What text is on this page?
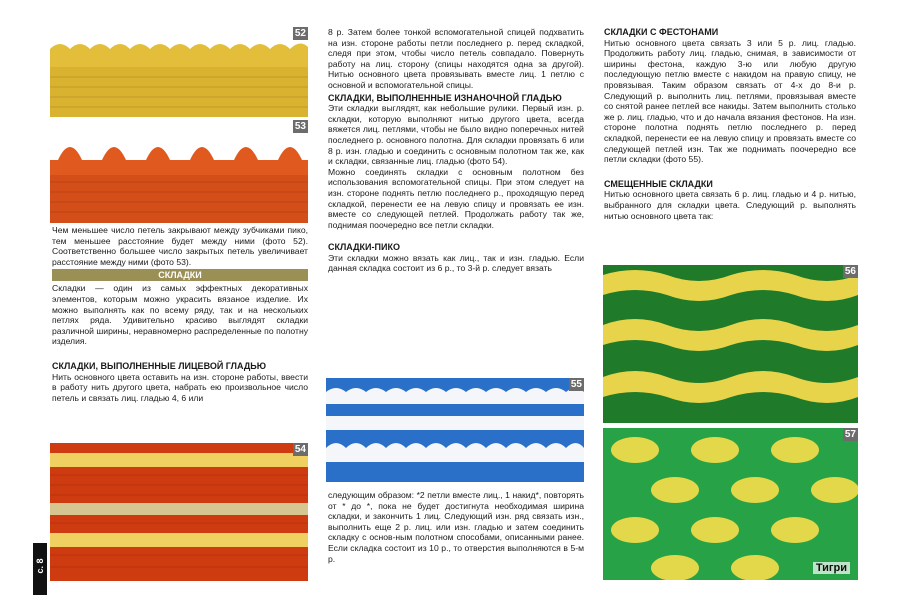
52
53

Чем меньшее число петель закрывают между зубчиками пико, тем меньшее расстояние будет между ними (фото 52). Соответственно большее число закрытых петель увеличивает расстояние между ними (фото 53).

СКЛАДКИ

Складки — один из самых эффектных декоративных элементов, которым можно украсить вязаное изделие. Их можно выполнять как по всему ряду, так и на нескольких петлях ряда. Удивительно красиво выглядят складки различной ширины, неравномерно распределенные по полотну изделия.

СКЛАДКИ, ВЫПОЛНЕННЫЕ ЛИЦЕВОЙ ГЛАДЬЮ

Нить основного цвета оставить на изн. стороне работы, ввести в работу нить другого цвета, набрать ею произвольное число петель и связать лиц. гладью 4, 6 или

54
с. 8

8 р. Затем более тонкой вспомогательной спицей подхватить на изн. стороне работы петли последнего р. перед складкой, следя при этом, чтобы число петель совпадало. Повернуть работу на лиц. сторону (спицы находятся одна за другой). Нитью основного цвета провязывать вместе лиц. 1 петлю с основной и вспомогательной спицы.

СКЛАДКИ, ВЫПОЛНЕННЫЕ ИЗНАНОЧНОЙ ГЛАДЬЮ

Эти складки выглядят, как небольшие рулики. Первый изн. р. складки, которую выполняют нитью другого цвета, всегда вяжется лиц. петлями, чтобы не было видно поперечных нитей последнего р. основного полотна. Для складки провязать 6 или 8 р. изн. гладью и соединить с основным полотном так же, как и складки, связанные лиц. гладью (фото 54).

Можно соединять складки с основным полотном без использования вспомогательной спицы. При этом следует на изн. стороне поднять петлю последнего р., проходящую перед складкой, перенести ее на левую спицу и провязать ее изн. вместе со следующей петлей. Продолжать работу так же, поднимая поочередно все петли складки.

СКЛАДКИ-ПИКО

Эти складки можно вязать как лиц., так и изн. гладью. Если данная складка состоит из 6 р., то 3-й р. следует вязать

55

следующим образом: *2 петли вместе лиц., 1 накид*, повторять от * до *, пока не будет достигнута необходимая ширина складки, и закончить 1 лиц. Следующий изн. ряд связать изн., выполнить еще 2 р. лиц. или изн. гладью и затем соединить складку с основ-ным полотном способами, описанными ранее. Если складка состоит из 10 р., то отверстия выполняются в 5-м р.

СКЛАДКИ С ФЕСТОНАМИ

Нитью основного цвета связать 3 или 5 р. лиц. гладью. Продолжить работу лиц. гладью, снимая, в зависимости от ширины фестона, каждую 3-ю или любую другую последующую петлю вместе с накидом на правую спицу, не провязывая. Таким образом связать от 4-х до 8-и р. Следующий р. выполнить лиц. петлями, провязывая вместе со снятой ранее петлей все накиды. Затем выполнить столько же р. лиц. гладью, что и до начала вязания фестонов. На изн. стороне полотна поднять петлю последнего р. перед складкой, перенести ее на левую спицу и провязать вместе со следующей петлей изн. Так же поднимать поочередно все петли складки (фото 55).

СМЕЩЕННЫЕ СКЛАДКИ

Нитью основного цвета связать 6 р. лиц. гладью и 4 р. нитью, выбранного для складки цвета. Следующий р. выполнять нитью основного цвета так:

56
57
Тигри
